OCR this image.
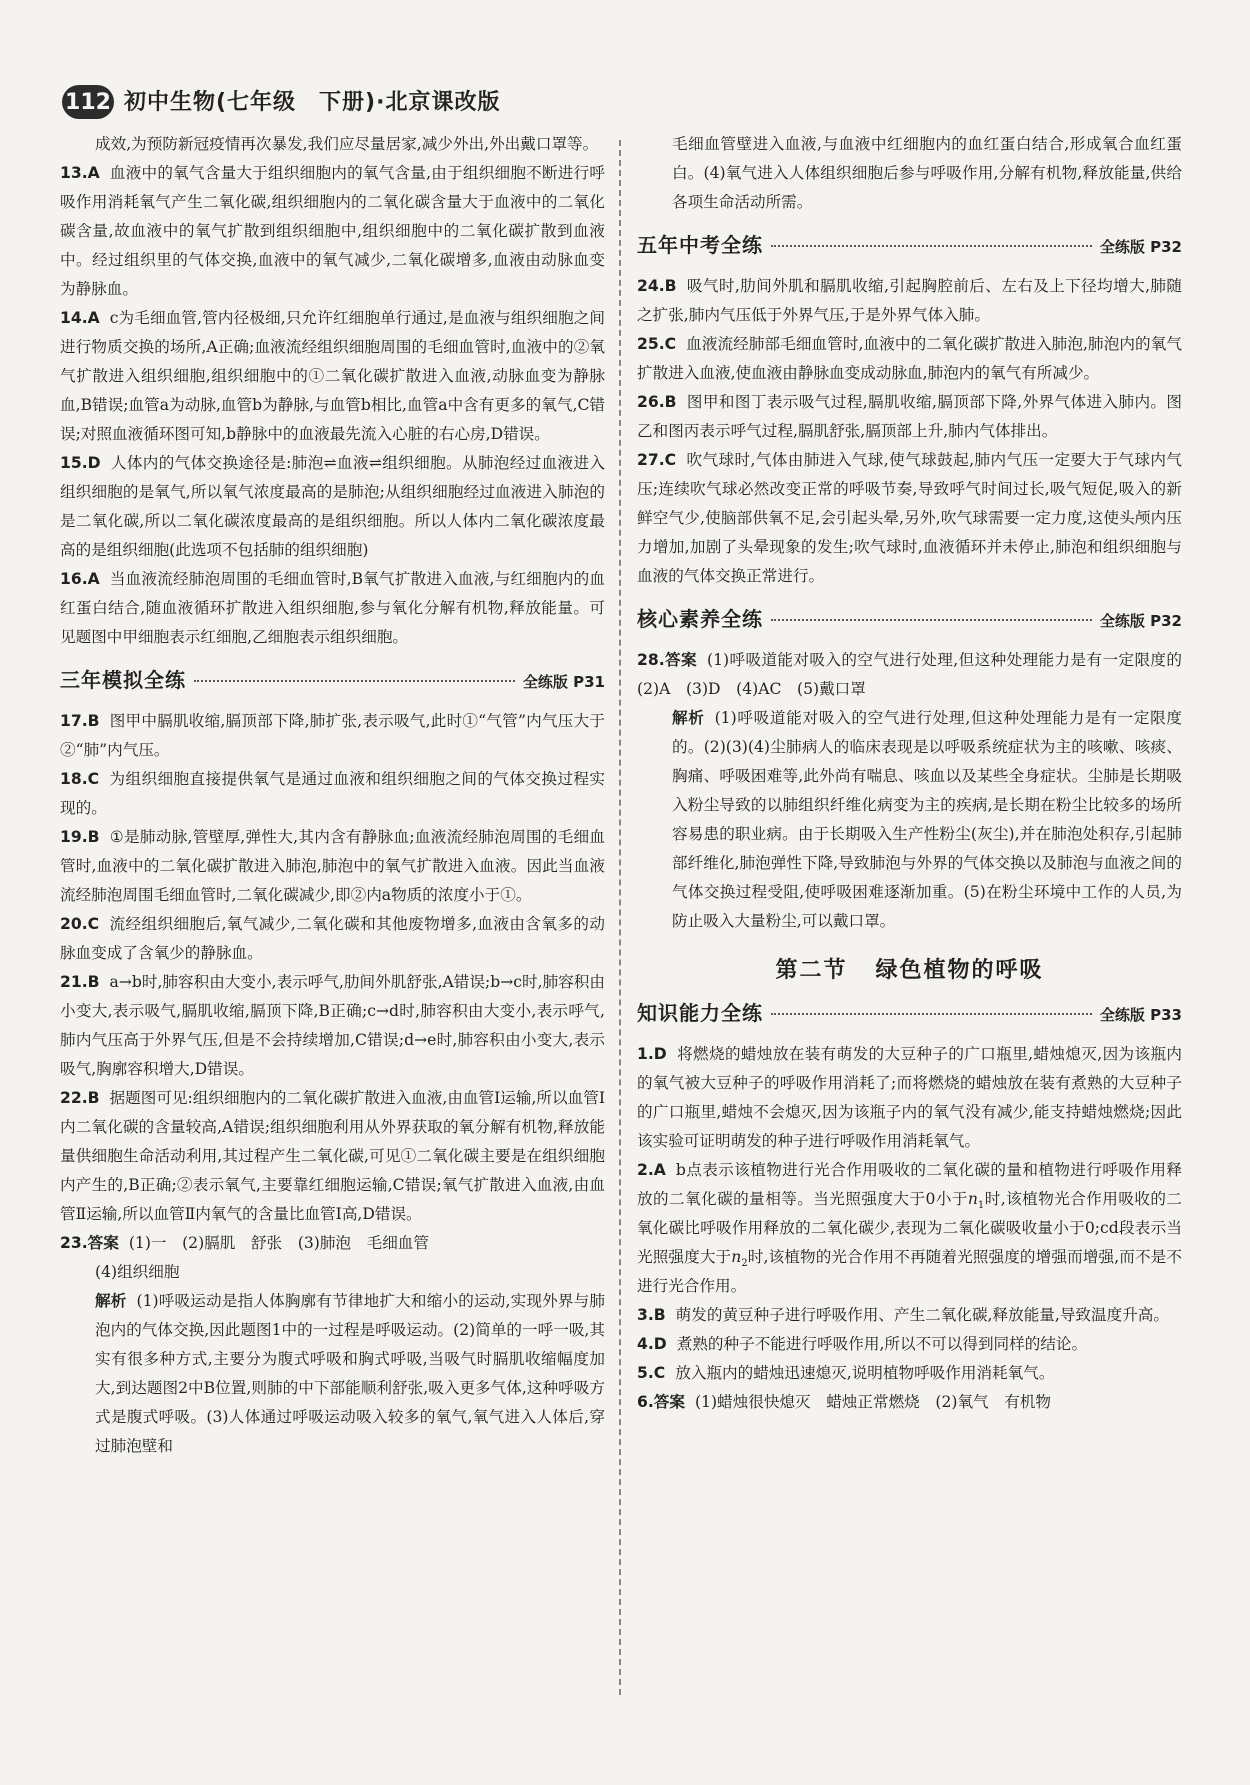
112 初中生物(七年级　下册)·北京课改版
成效,为预防新冠疫情再次暴发,我们应尽量居家,减少外出,外出戴口罩等。
13.A 血液中的氧气含量大于组织细胞内的氧气含量,由于组织细胞不断进行呼吸作用消耗氧气产生二氧化碳,组织细胞内的二氧化碳含量大于血液中的二氧化碳含量,故血液中的氧气扩散到组织细胞中,组织细胞中的二氧化碳扩散到血液中。经过组织里的气体交换,血液中的氧气减少,二氧化碳增多,血液由动脉血变为静脉血。
14.A c为毛细血管,管内径极细,只允许红细胞单行通过,是血液与组织细胞之间进行物质交换的场所,A正确;血液流经组织细胞周围的毛细血管时,血液中的②氧气扩散进入组织细胞,组织细胞中的①二氧化碳扩散进入血液,动脉血变为静脉血,B错误;血管a为动脉,血管b为静脉,与血管b相比,血管a中含有更多的氧气,C错误;对照血液循环图可知,b静脉中的血液最先流入心脏的右心房,D错误。
15.D 人体内的气体交换途径是:肺泡⇌血液⇌组织细胞。从肺泡经过血液进入组织细胞的是氧气,所以氧气浓度最高的是肺泡;从组织细胞经过血液进入肺泡的是二氧化碳,所以二氧化碳浓度最高的是组织细胞。所以人体内二氧化碳浓度最高的是组织细胞(此选项不包括肺的组织细胞)
16.A 当血液流经肺泡周围的毛细血管时,B氧气扩散进入血液,与红细胞内的血红蛋白结合,随血液循环扩散进入组织细胞,参与氧化分解有机物,释放能量。可见题图中甲细胞表示红细胞,乙细胞表示组织细胞。
三年模拟全练	全练版 P31
17.B 图甲中膈肌收缩,膈顶部下降,肺扩张,表示吸气,此时①“气管”内气压大于②“肺”内气压。
18.C 为组织细胞直接提供氧气是通过血液和组织细胞之间的气体交换过程实现的。
19.B ①是肺动脉,管壁厚,弹性大,其内含有静脉血;血液流经肺泡周围的毛细血管时,血液中的二氧化碳扩散进入肺泡,肺泡中的氧气扩散进入血液。因此当血液流经肺泡周围毛细血管时,二氧化碳减少,即②内a物质的浓度小于①。
20.C 流经组织细胞后,氧气减少,二氧化碳和其他废物增多,血液由含氧多的动脉血变成了含氧少的静脉血。
21.B a→b时,肺容积由大变小,表示呼气,肋间外肌舒张,A错误;b→c时,肺容积由小变大,表示吸气,膈肌收缩,膈顶下降,B正确;c→d时,肺容积由大变小,表示呼气,肺内气压高于外界气压,但是不会持续增加,C错误;d→e时,肺容积由小变大,表示吸气,胸廓容积增大,D错误。
22.B 据题图可见:组织细胞内的二氧化碳扩散进入血液,由血管Ⅰ运输,所以血管Ⅰ内二氧化碳的含量较高,A错误;组织细胞利用从外界获取的氧分解有机物,释放能量供细胞生命活动利用,其过程产生二氧化碳,可见①二氧化碳主要是在组织细胞内产生的,B正确;②表示氧气,主要靠红细胞运输,C错误;氧气扩散进入血液,由血管Ⅱ运输,所以血管Ⅱ内氧气的含量比血管Ⅰ高,D错误。
23.答案 (1)一　(2)膈肌　舒张　(3)肺泡　毛细血管
(4)组织细胞
解析 (1)呼吸运动是指人体胸廓有节律地扩大和缩小的运动,实现外界与肺泡内的气体交换,因此题图1中的一过程是呼吸运动。(2)简单的一呼一吸,其实有很多种方式,主要分为腹式呼吸和胸式呼吸,当吸气时膈肌收缩幅度加大,到达题图2中B位置,则肺的中下部能顺利舒张,吸入更多气体,这种呼吸方式是腹式呼吸。(3)人体通过呼吸运动吸入较多的氧气,氧气进入人体后,穿过肺泡壁和
毛细血管壁进入血液,与血液中红细胞内的血红蛋白结合,形成氧合血红蛋白。(4)氧气进入人体组织细胞后参与呼吸作用,分解有机物,释放能量,供给各项生命活动所需。
五年中考全练	全练版 P32
24.B 吸气时,肋间外肌和膈肌收缩,引起胸腔前后、左右及上下径均增大,肺随之扩张,肺内气压低于外界气压,于是外界气体入肺。
25.C 血液流经肺部毛细血管时,血液中的二氧化碳扩散进入肺泡,肺泡内的氧气扩散进入血液,使血液由静脉血变成动脉血,肺泡内的氧气有所减少。
26.B 图甲和图丁表示吸气过程,膈肌收缩,膈顶部下降,外界气体进入肺内。图乙和图丙表示呼气过程,膈肌舒张,膈顶部上升,肺内气体排出。
27.C 吹气球时,气体由肺进入气球,使气球鼓起,肺内气压一定要大于气球内气压;连续吹气球必然改变正常的呼吸节奏,导致呼气时间过长,吸气短促,吸入的新鲜空气少,使脑部供氧不足,会引起头晕,另外,吹气球需要一定力度,这使头颅内压力增加,加剧了头晕现象的发生;吹气球时,血液循环并未停止,肺泡和组织细胞与血液的气体交换正常进行。
核心素养全练	全练版 P32
28.答案 (1)呼吸道能对吸入的空气进行处理,但这种处理能力是有一定限度的　(2)A　(3)D　(4)AC　(5)戴口罩
解析 (1)呼吸道能对吸入的空气进行处理,但这种处理能力是有一定限度的。(2)(3)(4)尘肺病人的临床表现是以呼吸系统症状为主的咳嗽、咳痰、胸痛、呼吸困难等,此外尚有喘息、咳血以及某些全身症状。尘肺是长期吸入粉尘导致的以肺组织纤维化病变为主的疾病,是长期在粉尘比较多的场所容易患的职业病。由于长期吸入生产性粉尘(灰尘),并在肺泡处积存,引起肺部纤维化,肺泡弹性下降,导致肺泡与外界的气体交换以及肺泡与血液之间的气体交换过程受阻,使呼吸困难逐渐加重。(5)在粉尘环境中工作的人员,为防止吸入大量粉尘,可以戴口罩。
第二节 绿色植物的呼吸
知识能力全练	全练版 P33
1.D 将燃烧的蜡烛放在装有萌发的大豆种子的广口瓶里,蜡烛熄灭,因为该瓶内的氧气被大豆种子的呼吸作用消耗了;而将燃烧的蜡烛放在装有煮熟的大豆种子的广口瓶里,蜡烛不会熄灭,因为该瓶子内的氧气没有减少,能支持蜡烛燃烧;因此该实验可证明萌发的种子进行呼吸作用消耗氧气。
2.A b点表示该植物进行光合作用吸收的二氧化碳的量和植物进行呼吸作用释放的二氧化碳的量相等。当光照强度大于0小于$n_1$时,该植物光合作用吸收的二氧化碳比呼吸作用释放的二氧化碳少,表现为二氧化碳吸收量小于0;cd段表示当光照强度大于$n_2$时,该植物的光合作用不再随着光照强度的增强而增强,而不是不进行光合作用。
3.B 萌发的黄豆种子进行呼吸作用、产生二氧化碳,释放能量,导致温度升高。
4.D 煮熟的种子不能进行呼吸作用,所以不可以得到同样的结论。
5.C 放入瓶内的蜡烛迅速熄灭,说明植物呼吸作用消耗氧气。
6.答案 (1)蜡烛很快熄灭　蜡烛正常燃烧　(2)氧气　有机物
